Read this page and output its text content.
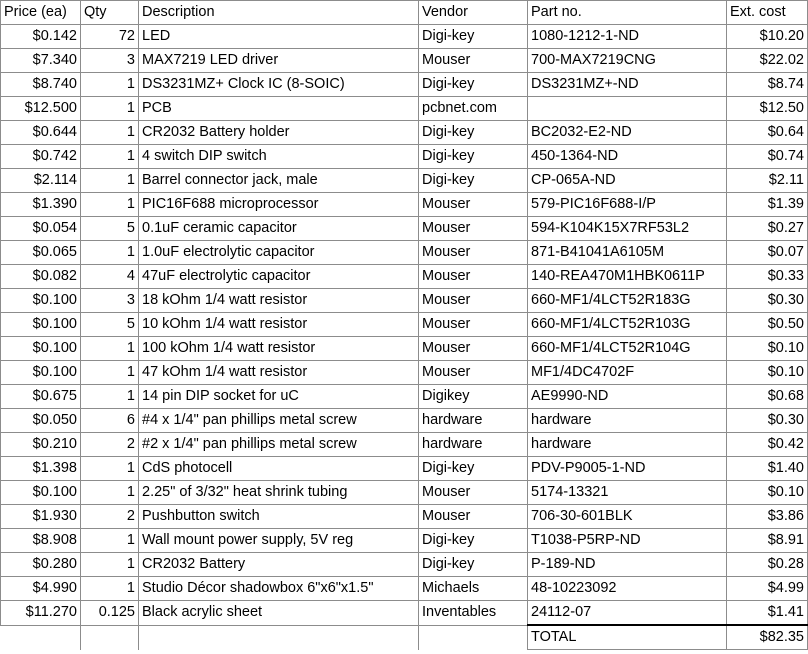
Price (ea)	Qty	Description	Vendor	Part no.	Ext. cost
$0.142	72	LED	Digi-key	1080-1212-1-ND	$10.20
$7.340	3	MAX7219 LED driver	Mouser	700-MAX7219CNG	$22.02
$8.740	1	DS3231MZ+ Clock IC (8-SOIC)	Digi-key	DS3231MZ+-ND	$8.74
$12.500	1	PCB	pcbnet.com		$12.50
$0.644	1	CR2032 Battery holder	Digi-key	BC2032-E2-ND	$0.64
$0.742	1	4 switch DIP switch	Digi-key	450-1364-ND	$0.74
$2.114	1	Barrel connector jack, male	Digi-key	CP-065A-ND	$2.11
$1.390	1	PIC16F688 microprocessor	Mouser	579-PIC16F688-I/P	$1.39
$0.054	5	0.1uF ceramic capacitor	Mouser	594-K104K15X7RF53L2	$0.27
$0.065	1	1.0uF electrolytic capacitor	Mouser	871-B41041A6105M	$0.07
$0.082	4	47uF electrolytic capacitor	Mouser	140-REA470M1HBK0611P	$0.33
$0.100	3	18 kOhm 1/4 watt resistor	Mouser	660-MF1/4LCT52R183G	$0.30
$0.100	5	10 kOhm 1/4 watt resistor	Mouser	660-MF1/4LCT52R103G	$0.50
$0.100	1	100 kOhm 1/4 watt resistor	Mouser	660-MF1/4LCT52R104G	$0.10
$0.100	1	47 kOhm 1/4 watt resistor	Mouser	MF1/4DC4702F	$0.10
$0.675	1	14 pin DIP socket for uC	Digikey	AE9990-ND	$0.68
$0.050	6	#4 x 1/4" pan phillips metal screw	hardware	hardware	$0.30
$0.210	2	#2 x 1/4" pan phillips metal screw	hardware	hardware	$0.42
$1.398	1	CdS photocell	Digi-key	PDV-P9005-1-ND	$1.40
$0.100	1	2.25" of 3/32" heat shrink tubing	Mouser	5174-13321	$0.10
$1.930	2	Pushbutton switch	Mouser	706-30-601BLK	$3.86
$8.908	1	Wall mount power supply, 5V reg	Digi-key	T1038-P5RP-ND	$8.91
$0.280	1	CR2032 Battery	Digi-key	P-189-ND	$0.28
$4.990	1	Studio Décor shadowbox 6"x6"x1.5"	Michaels	48-10223092	$4.99
$11.270	0.125	Black acrylic sheet	Inventables	24112-07	$1.41
				TOTAL	$82.35
